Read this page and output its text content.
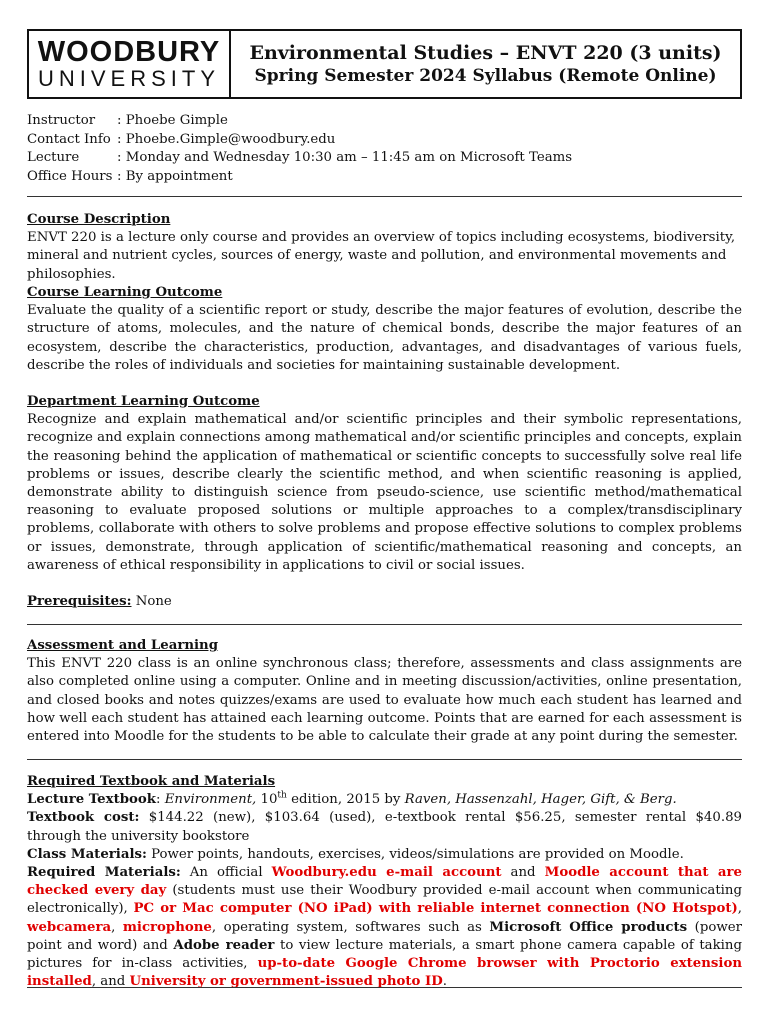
WOODBURY
UNIVERSITY
Environmental Studies – ENVT 220 (3 units)
Spring Semester 2024 Syllabus (Remote Online)
Instructor	: Phoebe Gimple
Contact Info : Phoebe.Gimple@woodbury.edu
Lecture	: Monday and Wednesday 10:30 am – 11:45 am on Microsoft Teams
Office Hours : By appointment
Course Description
ENVT 220 is a lecture only course and provides an overview of topics including ecosystems, biodiversity, mineral and nutrient cycles, sources of energy, waste and pollution, and environmental movements and philosophies.
Course Learning Outcome
Evaluate the quality of a scientific report or study, describe the major features of evolution, describe the structure of atoms, molecules, and the nature of chemical bonds, describe the major features of an ecosystem, describe the characteristics, production, advantages, and disadvantages of various fuels, describe the roles of individuals and societies for maintaining sustainable development.
Department Learning Outcome
Recognize and explain mathematical and/or scientific principles and their symbolic representations, recognize and explain connections among mathematical and/or scientific principles and concepts, explain the reasoning behind the application of mathematical or scientific concepts to successfully solve real life problems or issues, describe clearly the scientific method, and when scientific reasoning is applied, demonstrate ability to distinguish science from pseudo-science, use scientific method/mathematical reasoning to evaluate proposed solutions or multiple approaches to a complex/transdisciplinary problems, collaborate with others to solve problems and propose effective solutions to complex problems or issues, demonstrate, through application of scientific/mathematical reasoning and concepts, an awareness of ethical responsibility in applications to civil or social issues.
Prerequisites: None
Assessment and Learning
This ENVT 220 class is an online synchronous class; therefore, assessments and class assignments are also completed online using a computer. Online and in meeting discussion/activities, online presentation, and closed books and notes quizzes/exams are used to evaluate how much each student has learned and how well each student has attained each learning outcome. Points that are earned for each assessment is entered into Moodle for the students to be able to calculate their grade at any point during the semester.
Required Textbook and Materials
Lecture Textbook: Environment, 10th edition, 2015 by Raven, Hassenzahl, Hager, Gift, & Berg.
Textbook cost: $144.22 (new), $103.64 (used), e-textbook rental $56.25, semester rental $40.89 through the university bookstore
Class Materials: Power points, handouts, exercises, videos/simulations are provided on Moodle.
Required Materials: An official Woodbury.edu e-mail account and Moodle account that are checked every day (students must use their Woodbury provided e-mail account when communicating electronically), PC or Mac computer (NO iPad) with reliable internet connection (NO Hotspot), webcamera, microphone, operating system, softwares such as Microsoft Office products (power point and word) and Adobe reader to view lecture materials, a smart phone camera capable of taking pictures for in-class activities, up-to-date Google Chrome browser with Proctorio extension installed, and University or government-issued photo ID.
